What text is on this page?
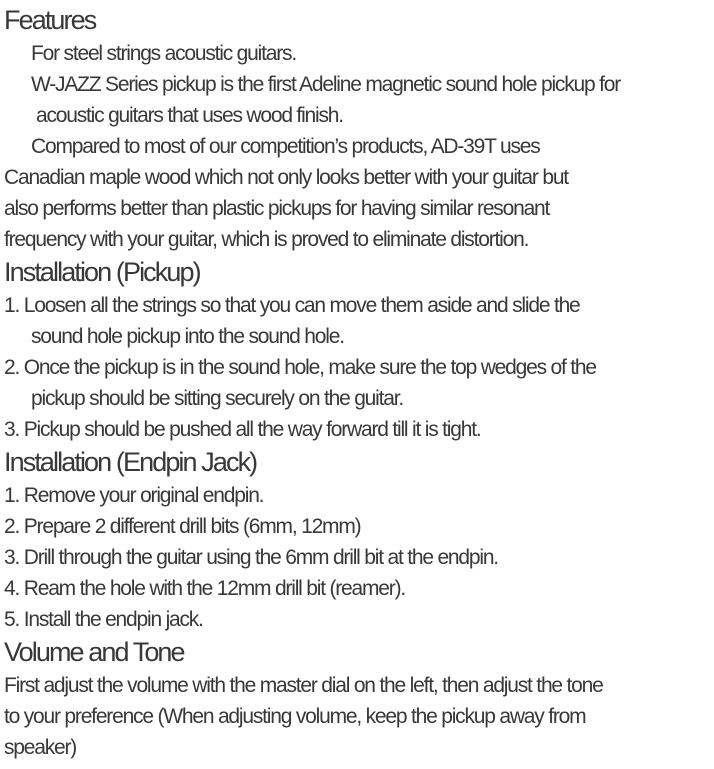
Features
For steel strings acoustic guitars.
W-JAZZ Series pickup is the first Adeline magnetic sound hole pickup for
acoustic guitars that uses wood finish.
Compared to most of our competition’s products, AD-39T uses
Canadian maple wood which not only looks better with your guitar but
also performs better than plastic pickups for having similar resonant
frequency with your guitar, which is proved to eliminate distortion.
Installation (Pickup)
1. Loosen all the strings so that you can move them aside and slide the
sound hole pickup into the sound hole.
2. Once the pickup is in the sound hole, make sure the top wedges of the
pickup should be sitting securely on the guitar.
3. Pickup should be pushed all the way forward till it is tight.
Installation (Endpin Jack)
1. Remove your original endpin.
2. Prepare 2 different drill bits (6mm, 12mm)
3. Drill through the guitar using the 6mm drill bit at the endpin.
4. Ream the hole with the 12mm drill bit (reamer).
5. Install the endpin jack.
Volume and Tone
First adjust the volume with the master dial on the left, then adjust the tone
to your preference (When adjusting volume, keep the pickup away from
speaker)
